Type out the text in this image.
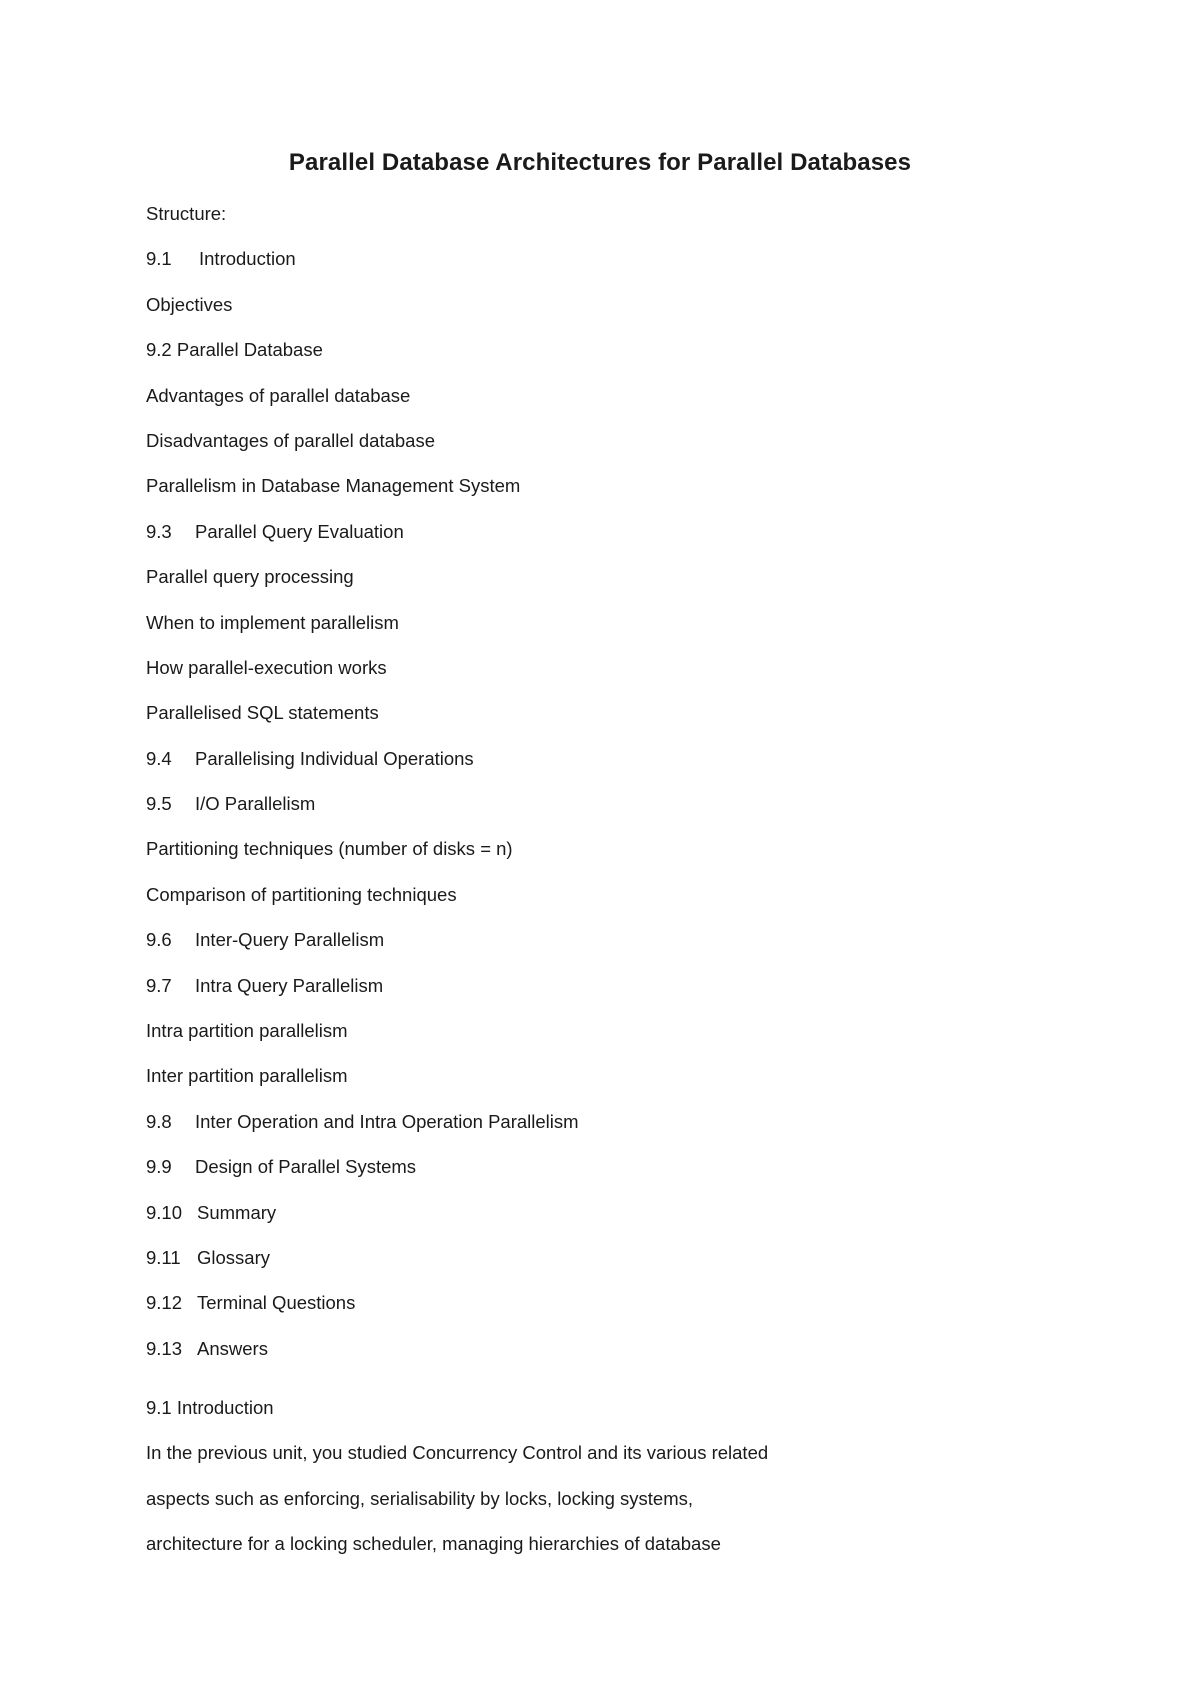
Parallel Database Architectures for Parallel Databases
Structure:
9.1 Introduction
Objectives
9.2 Parallel Database
Advantages of parallel database
Disadvantages of parallel database
Parallelism in Database Management System
9.3 Parallel Query Evaluation
Parallel query processing
When to implement parallelism
How parallel-execution works
Parallelised SQL statements
9.4 Parallelising Individual Operations
9.5 I/O Parallelism
Partitioning techniques (number of disks = n)
Comparison of partitioning techniques
9.6 Inter-Query Parallelism
9.7 Intra Query Parallelism
Intra partition parallelism
Inter partition parallelism
9.8 Inter Operation and Intra Operation Parallelism
9.9 Design of Parallel Systems
9.10 Summary
9.11 Glossary
9.12 Terminal Questions
9.13 Answers
9.1 Introduction
In the previous unit, you studied Concurrency Control and its various related
aspects such as enforcing, serialisability by locks, locking systems,
architecture for a locking scheduler, managing hierarchies of database
